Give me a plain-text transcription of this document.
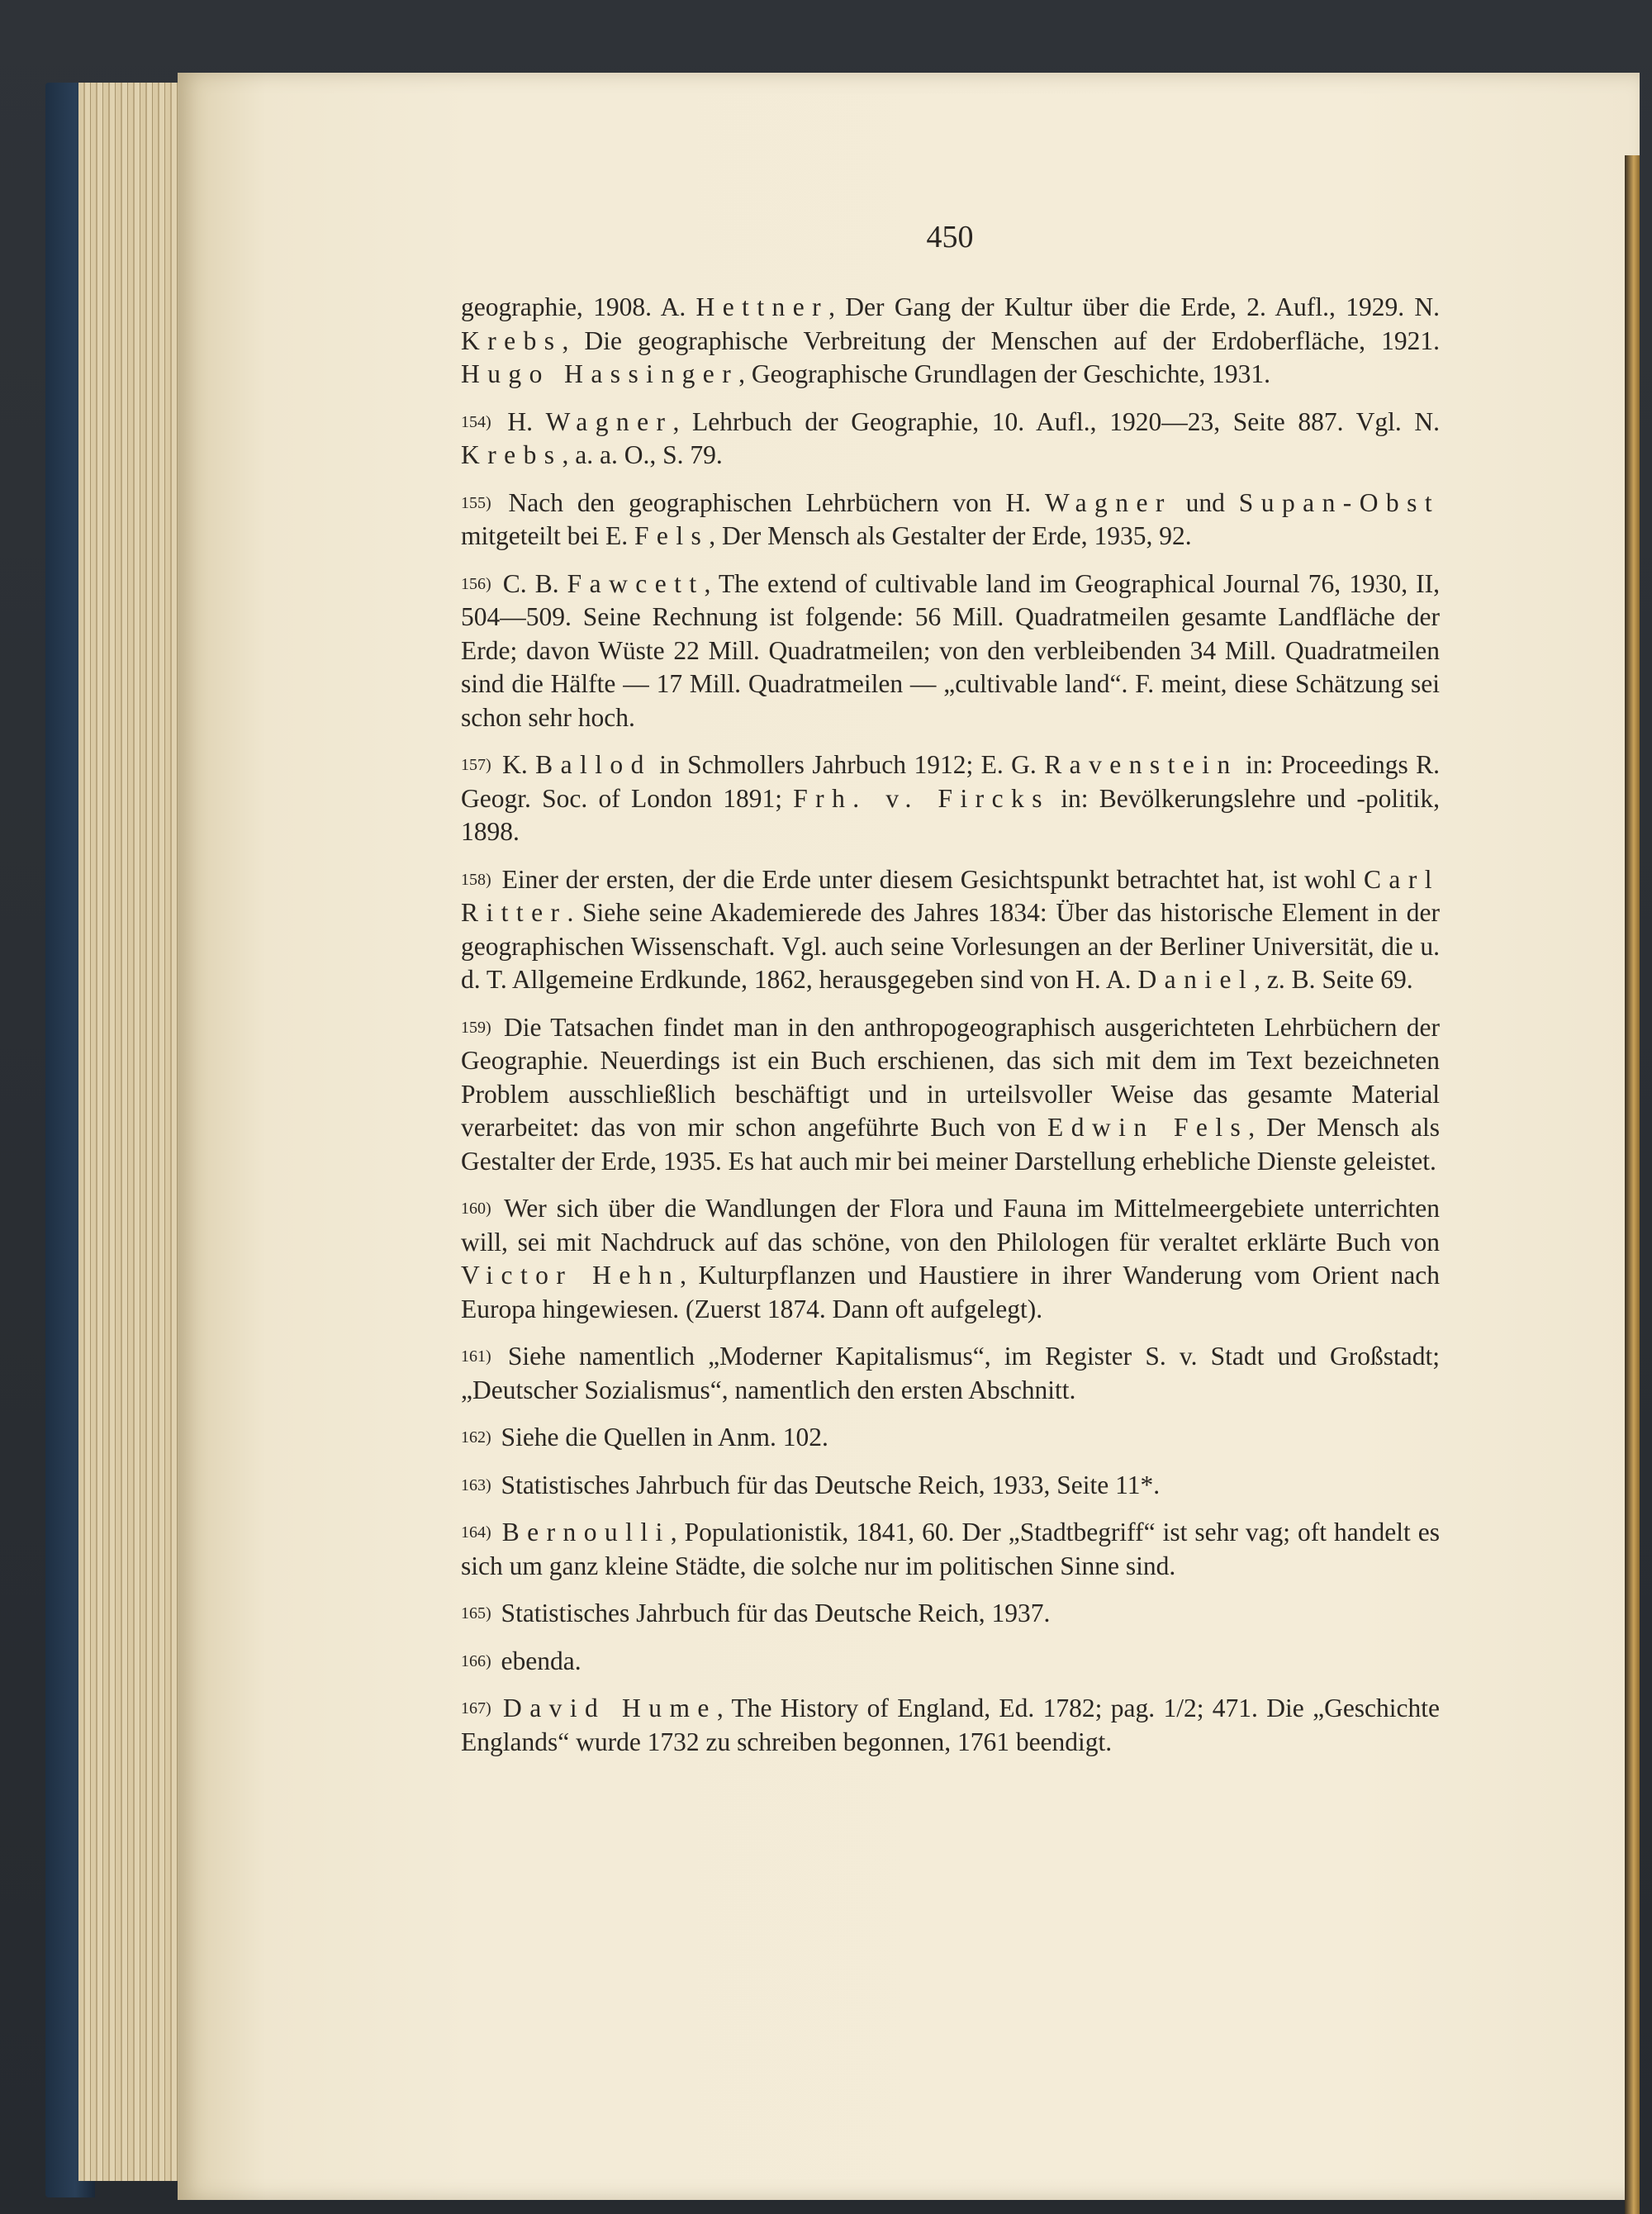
450

geographie, 1908. A. Hettner, Der Gang der Kultur über die Erde, 2. Aufl., 1929. N. Krebs, Die geographische Verbreitung der Menschen auf der Erdoberfläche, 1921. Hugo Hassinger, Geographische Grundlagen der Geschichte, 1931.

154) H. Wagner, Lehrbuch der Geographie, 10. Aufl., 1920—23, Seite 887. Vgl. N. Krebs, a. a. O., S. 79.

155) Nach den geographischen Lehrbüchern von H. Wagner und Supan-Obst mitgeteilt bei E. Fels, Der Mensch als Gestalter der Erde, 1935, 92.

156) C. B. Fawcett, The extend of cultivable land im Geographical Journal 76, 1930, II, 504—509. Seine Rechnung ist folgende: 56 Mill. Quadratmeilen gesamte Landfläche der Erde; davon Wüste 22 Mill. Quadratmeilen; von den verbleibenden 34 Mill. Quadratmeilen sind die Hälfte — 17 Mill. Quadratmeilen — „cultivable land“. F. meint, diese Schätzung sei schon sehr hoch.

157) K. Ballod in Schmollers Jahrbuch 1912; E. G. Ravenstein in: Proceedings R. Geogr. Soc. of London 1891; Frh. v. Fircks in: Bevölkerungslehre und -politik, 1898.

158) Einer der ersten, der die Erde unter diesem Gesichtspunkt betrachtet hat, ist wohl Carl Ritter. Siehe seine Akademierede des Jahres 1834: Über das historische Element in der geographischen Wissenschaft. Vgl. auch seine Vorlesungen an der Berliner Universität, die u. d. T. Allgemeine Erdkunde, 1862, herausgegeben sind von H. A. Daniel, z. B. Seite 69.

159) Die Tatsachen findet man in den anthropogeographisch ausgerichteten Lehrbüchern der Geographie. Neuerdings ist ein Buch erschienen, das sich mit dem im Text bezeichneten Problem ausschließlich beschäftigt und in urteilsvoller Weise das gesamte Material verarbeitet: das von mir schon angeführte Buch von Edwin Fels, Der Mensch als Gestalter der Erde, 1935. Es hat auch mir bei meiner Darstellung erhebliche Dienste geleistet.

160) Wer sich über die Wandlungen der Flora und Fauna im Mittelmeergebiete unterrichten will, sei mit Nachdruck auf das schöne, von den Philologen für veraltet erklärte Buch von Victor Hehn, Kulturpflanzen und Haustiere in ihrer Wanderung vom Orient nach Europa hingewiesen. (Zuerst 1874. Dann oft aufgelegt).

161) Siehe namentlich „Moderner Kapitalismus“, im Register S. v. Stadt und Großstadt; „Deutscher Sozialismus“, namentlich den ersten Abschnitt.

162) Siehe die Quellen in Anm. 102.

163) Statistisches Jahrbuch für das Deutsche Reich, 1933, Seite 11*.

164) Bernoulli, Populationistik, 1841, 60. Der „Stadtbegriff“ ist sehr vag; oft handelt es sich um ganz kleine Städte, die solche nur im politischen Sinne sind.

165) Statistisches Jahrbuch für das Deutsche Reich, 1937.

166) ebenda.

167) David Hume, The History of England, Ed. 1782; pag. 1/2; 471. Die „Geschichte Englands“ wurde 1732 zu schreiben begonnen, 1761 beendigt.
